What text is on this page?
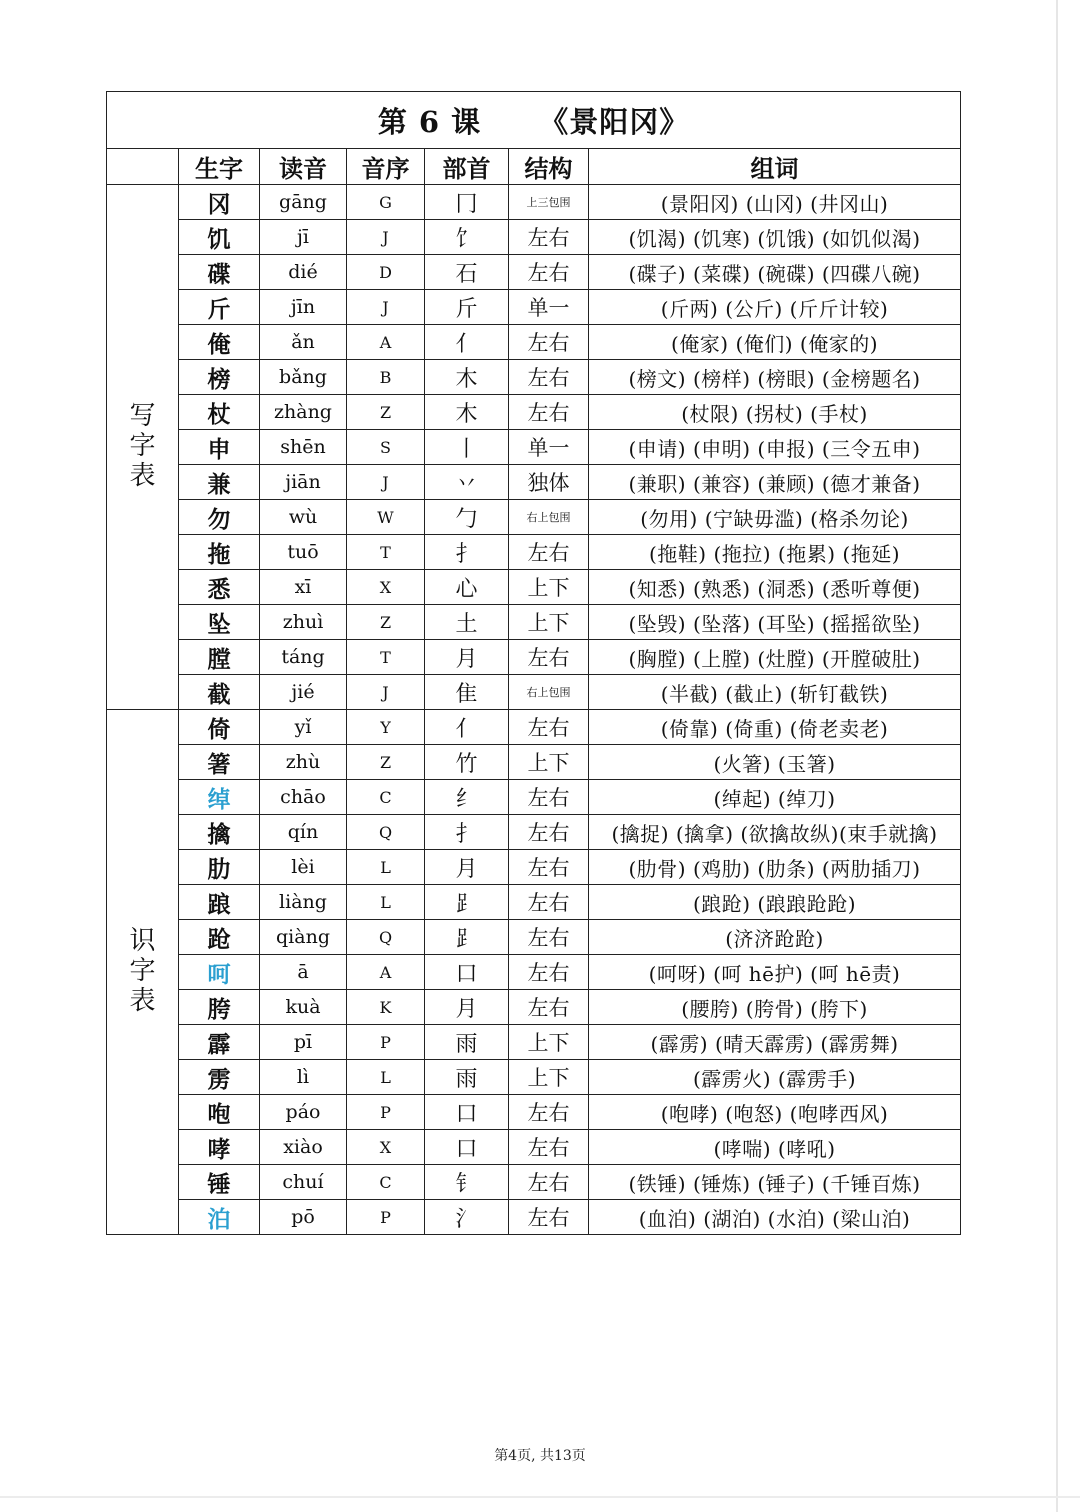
第 6 课 《景阳冈》						
	生字	读音	音序	部首	结构	组词

写
字
表	冈	gāng	G	冂	上三包围	(景阳冈) (山冈) (井冈山)
	饥	jī	J	饣	左右	(饥渴) (饥寒) (饥饿) (如饥似渴)
	碟	dié	D	石	左右	(碟子) (菜碟) (碗碟) (四碟八碗)
	斤	jīn	J	斤	单一	(斤两) (公斤) (斤斤计较)
	俺	ǎn	A	亻	左右	(俺家) (俺们) (俺家的)
	榜	bǎng	B	木	左右	(榜文) (榜样) (榜眼) (金榜题名)
	杖	zhàng	Z	木	左右	(杖限) (拐杖) (手杖)
	申	shēn	S	丨	单一	(申请) (申明) (申报) (三令五申)
	兼	jiān	J	丷	独体	(兼职) (兼容) (兼顾) (德才兼备)
	勿	wù	W	勹	右上包围	(勿用) (宁缺毋滥) (格杀勿论)
	拖	tuō	T	扌	左右	(拖鞋) (拖拉) (拖累) (拖延)
	悉	xī	X	心	上下	(知悉) (熟悉) (洞悉) (悉听尊便)
	坠	zhuì	Z	土	上下	(坠毁) (坠落) (耳坠) (摇摇欲坠)
	膛	táng	T	月	左右	(胸膛) (上膛) (灶膛) (开膛破肚)
	截	jié	J	隹	右上包围	(半截) (截止) (斩钉截铁)

识
字
表	倚	yǐ	Y	亻	左右	(倚靠) (倚重) (倚老卖老)
	箸	zhù	Z	竹	上下	(火箸) (玉箸)
	绰	chāo	C	纟	左右	(绰起) (绰刀)
	擒	qín	Q	扌	左右	(擒捉) (擒拿) (欲擒故纵)(束手就擒)
	肋	lèi	L	月	左右	(肋骨) (鸡肋) (肋条) (两肋插刀)
	踉	liàng	L	⻊	左右	(踉跄) (踉踉跄跄)
	跄	qiàng	Q	⻊	左右	(济济跄跄)
	呵	ā	A	口	左右	(呵呀) (呵 hē护) (呵 hē责)
	胯	kuà	K	月	左右	(腰胯) (胯骨) (胯下)
	霹	pī	P	雨	上下	(霹雳) (晴天霹雳) (霹雳舞)
	雳	lì	L	雨	上下	(霹雳火) (霹雳手)
	咆	páo	P	口	左右	(咆哮) (咆怒) (咆哮西风)
	哮	xiào	X	口	左右	(哮喘) (哮吼)
	锤	chuí	C	钅	左右	(铁锤) (锤炼) (锤子) (千锤百炼)
	泊	pō	P	氵	左右	(血泊) (湖泊) (水泊) (梁山泊)
第4页, 共13页
